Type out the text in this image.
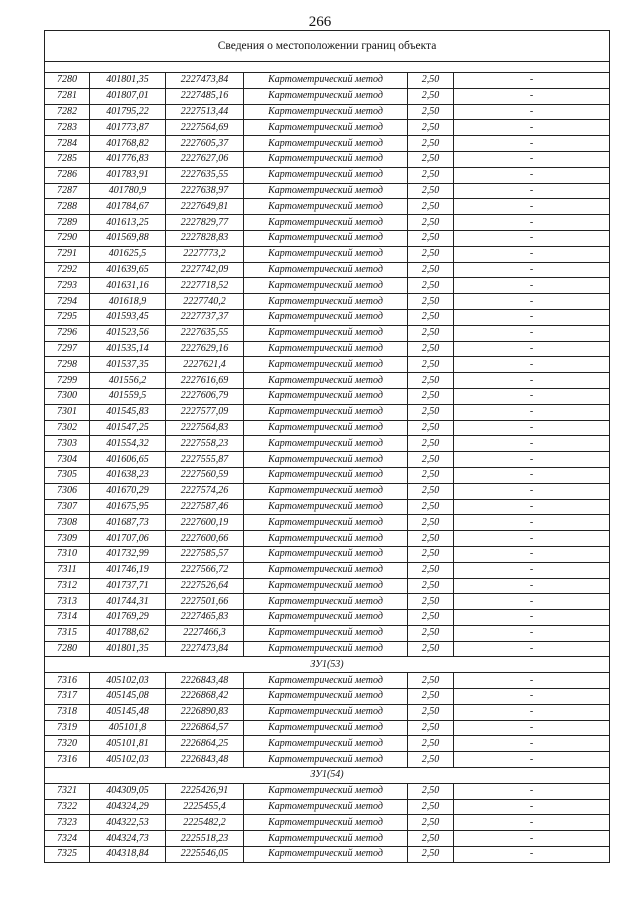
266
Сведения о местоположении границ объекта					

7280	401801,35	2227473,84	Картометрический метод	2,50	-
7281	401807,01	2227485,16	Картометрический метод	2,50	-
7282	401795,22	2227513,44	Картометрический метод	2,50	-
7283	401773,87	2227564,69	Картометрический метод	2,50	-
7284	401768,82	2227605,37	Картометрический метод	2,50	-
7285	401776,83	2227627,06	Картометрический метод	2,50	-
7286	401783,91	2227635,55	Картометрический метод	2,50	-
7287	401780,9	2227638,97	Картометрический метод	2,50	-
7288	401784,67	2227649,81	Картометрический метод	2,50	-
7289	401613,25	2227829,77	Картометрический метод	2,50	-
7290	401569,88	2227828,83	Картометрический метод	2,50	-
7291	401625,5	2227773,2	Картометрический метод	2,50	-
7292	401639,65	2227742,09	Картометрический метод	2,50	-
7293	401631,16	2227718,52	Картометрический метод	2,50	-
7294	401618,9	2227740,2	Картометрический метод	2,50	-
7295	401593,45	2227737,37	Картометрический метод	2,50	-
7296	401523,56	2227635,55	Картометрический метод	2,50	-
7297	401535,14	2227629,16	Картометрический метод	2,50	-
7298	401537,35	2227621,4	Картометрический метод	2,50	-
7299	401556,2	2227616,69	Картометрический метод	2,50	-
7300	401559,5	2227606,79	Картометрический метод	2,50	-
7301	401545,83	2227577,09	Картометрический метод	2,50	-
7302	401547,25	2227564,83	Картометрический метод	2,50	-
7303	401554,32	2227558,23	Картометрический метод	2,50	-
7304	401606,65	2227555,87	Картометрический метод	2,50	-
7305	401638,23	2227560,59	Картометрический метод	2,50	-
7306	401670,29	2227574,26	Картометрический метод	2,50	-
7307	401675,95	2227587,46	Картометрический метод	2,50	-
7308	401687,73	2227600,19	Картометрический метод	2,50	-
7309	401707,06	2227600,66	Картометрический метод	2,50	-
7310	401732,99	2227585,57	Картометрический метод	2,50	-
7311	401746,19	2227566,72	Картометрический метод	2,50	-
7312	401737,71	2227526,64	Картометрический метод	2,50	-
7313	401744,31	2227501,66	Картометрический метод	2,50	-
7314	401769,29	2227465,83	Картометрический метод	2,50	-
7315	401788,62	2227466,3	Картометрический метод	2,50	-
7280	401801,35	2227473,84	Картометрический метод	2,50	-
ЗУ1(53)					
7316	405102,03	2226843,48	Картометрический метод	2,50	-
7317	405145,08	2226868,42	Картометрический метод	2,50	-
7318	405145,48	2226890,83	Картометрический метод	2,50	-
7319	405101,8	2226864,57	Картометрический метод	2,50	-
7320	405101,81	2226864,25	Картометрический метод	2,50	-
7316	405102,03	2226843,48	Картометрический метод	2,50	-
ЗУ1(54)					
7321	404309,05	2225426,91	Картометрический метод	2,50	-
7322	404324,29	2225455,4	Картометрический метод	2,50	-
7323	404322,53	2225482,2	Картометрический метод	2,50	-
7324	404324,73	2225518,23	Картометрический метод	2,50	-
7325	404318,84	2225546,05	Картометрический метод	2,50	-
